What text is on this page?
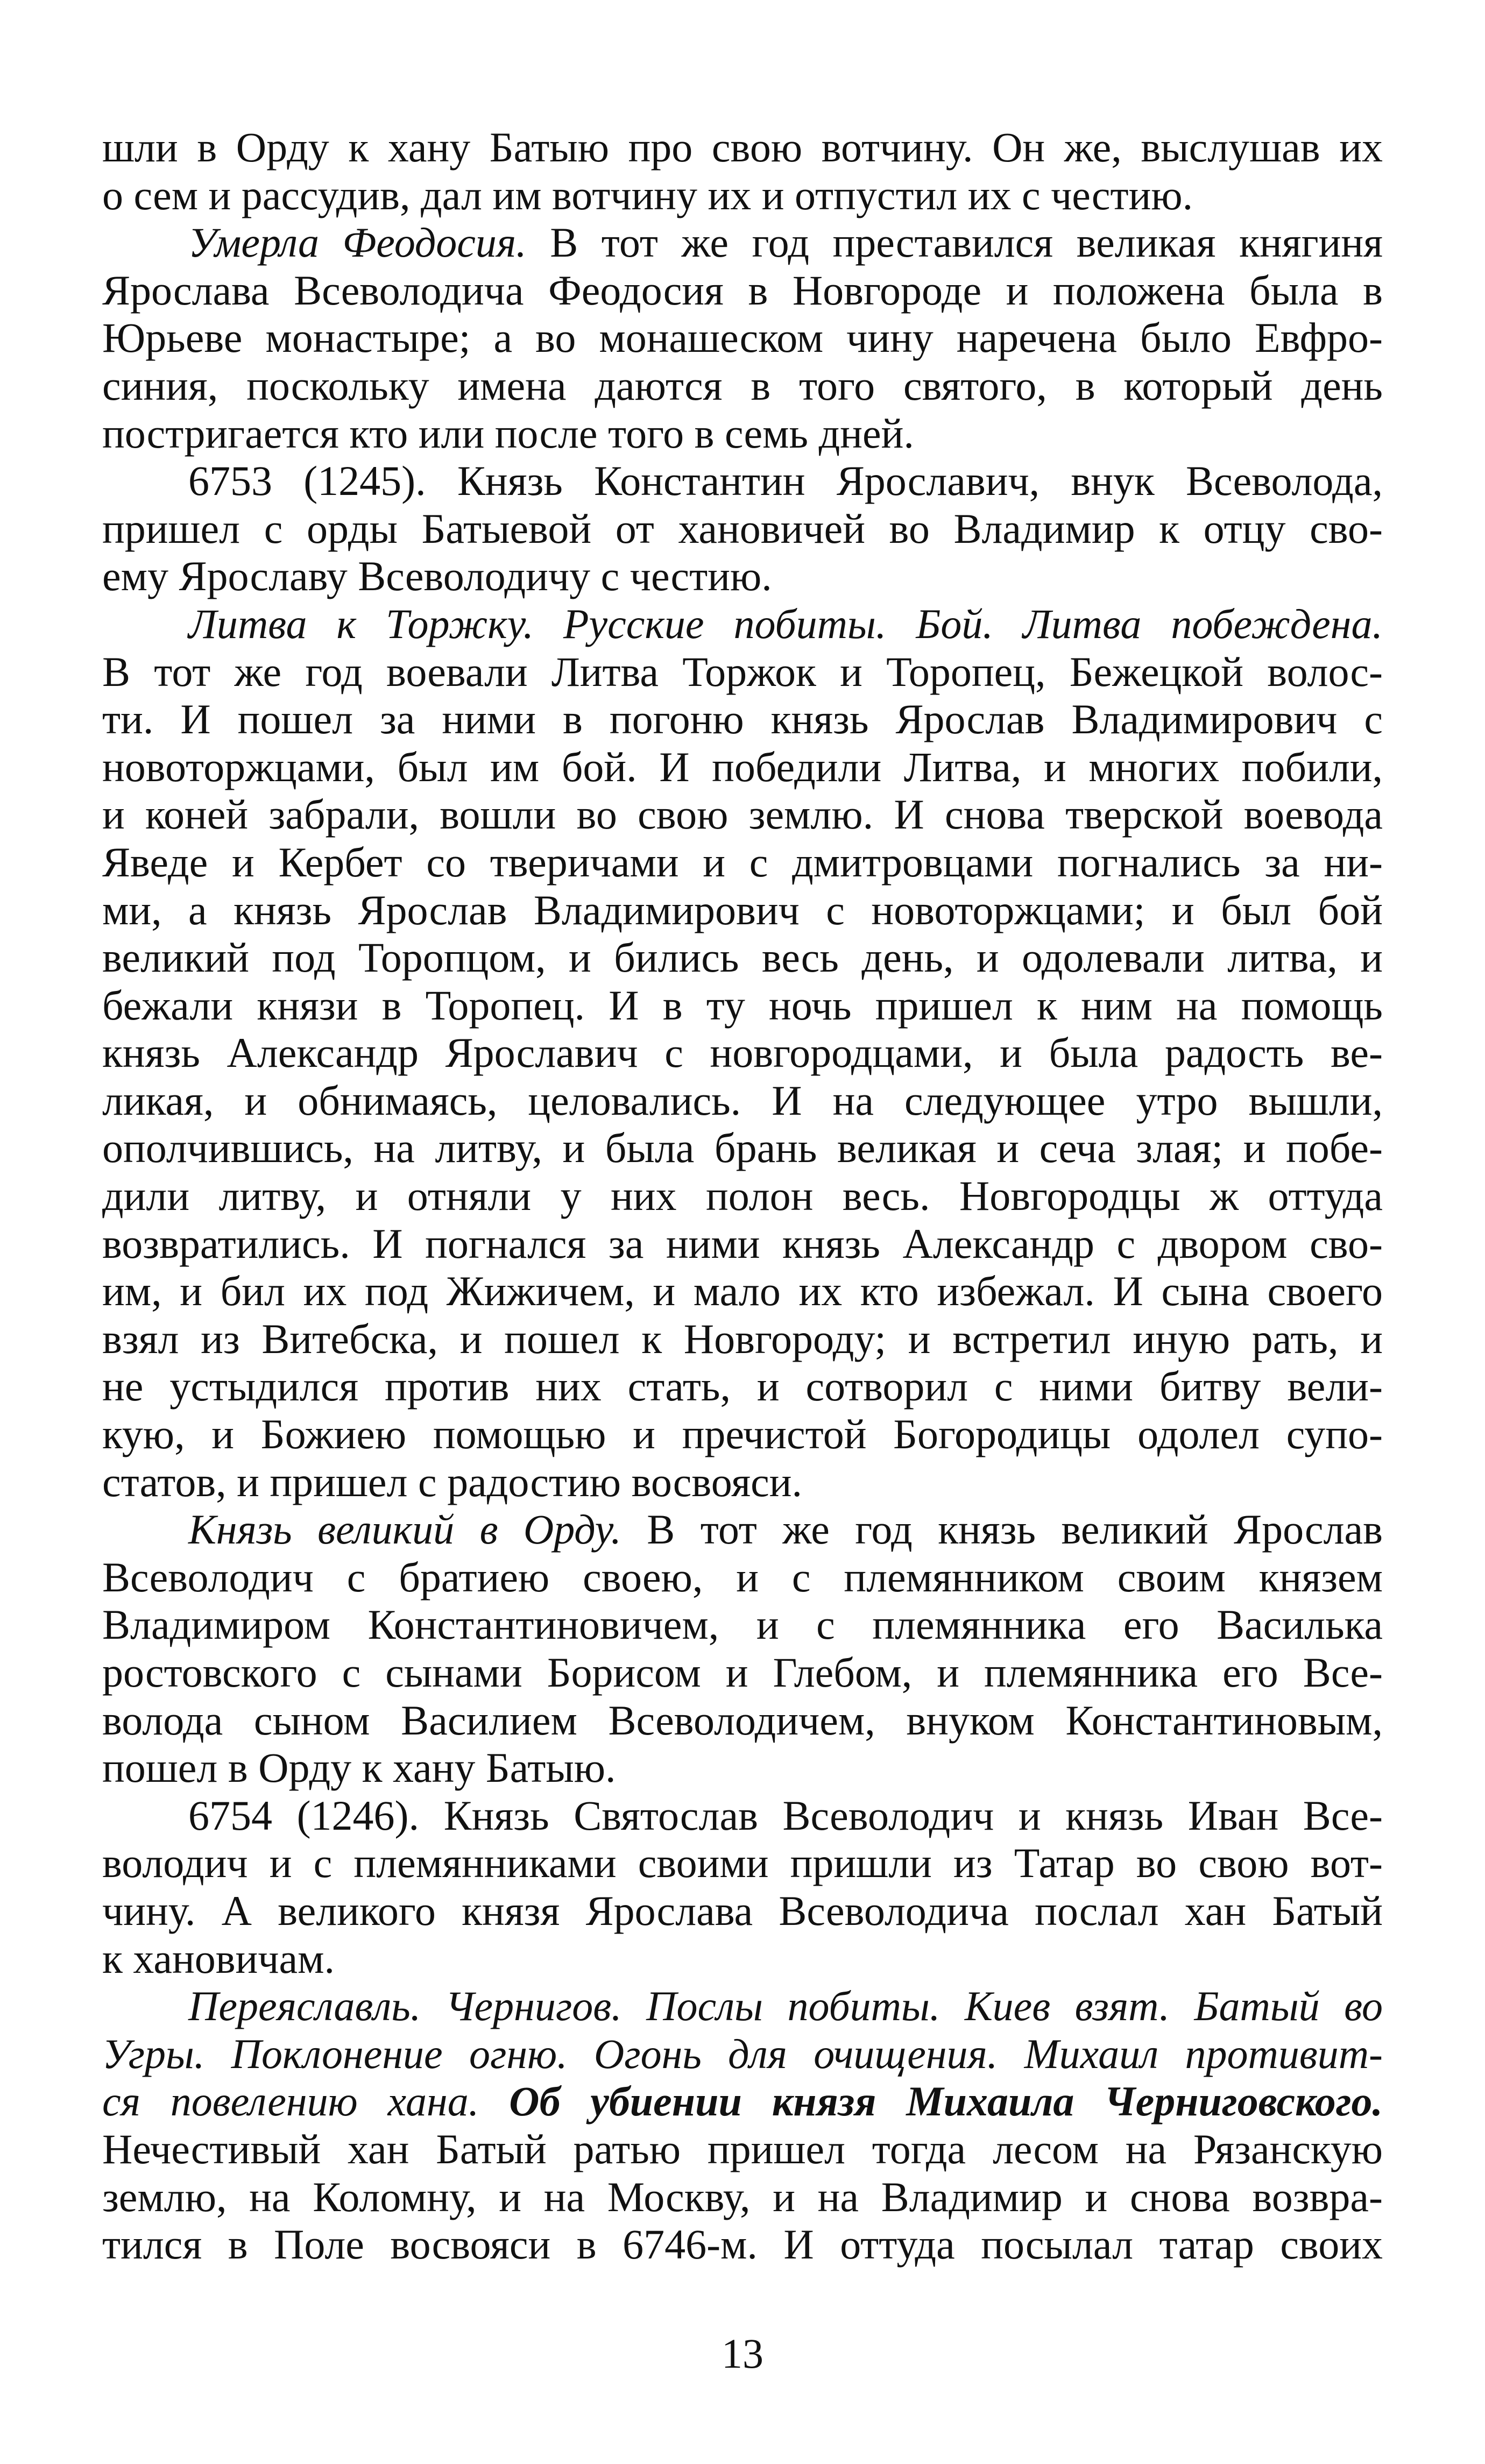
шли в Орду к хану Батыю про свою вотчину. Он же, выслушав их
о сем и рассудив, дал им вотчину их и отпустил их с честию.
Умерла Феодосия. В тот же год преставился великая княгиня
Ярослава Всеволодича Феодосия в Новгороде и положена была в
Юрьеве монастыре; а во монашеском чину наречена было Евфро-
синия, поскольку имена даются в того святого, в который день
постригается кто или после того в семь дней.
6753 (1245). Князь Константин Ярославич, внук Всеволода,
пришел с орды Батыевой от хановичей во Владимир к отцу сво-
ему Ярославу Всеволодичу с честию.
Литва к Торжку. Русские побиты. Бой. Литва побеждена.
В тот же год воевали Литва Торжок и Торопец, Бежецкой волос-
ти. И пошел за ними в погоню князь Ярослав Владимирович с
новоторжцами, был им бой. И победили Литва, и многих побили,
и коней забрали, вошли во свою землю. И снова тверской воевода
Яведе и Кербет со тверичами и с дмитровцами погнались за ни-
ми, а князь Ярослав Владимирович с новоторжцами; и был бой
великий под Торопцом, и бились весь день, и одолевали литва, и
бежали князи в Торопец. И в ту ночь пришел к ним на помощь
князь Александр Ярославич с новгородцами, и была радость ве-
ликая, и обнимаясь, целовались. И на следующее утро вышли,
ополчившись, на литву, и была брань великая и сеча злая; и побе-
дили литву, и отняли у них полон весь. Новгородцы ж оттуда
возвратились. И погнался за ними князь Александр с двором сво-
им, и бил их под Жижичем, и мало их кто избежал. И сына своего
взял из Витебска, и пошел к Новгороду; и встретил иную рать, и
не устыдился против них стать, и сотворил с ними битву вели-
кую, и Божиею помощью и пречистой Богородицы одолел супо-
статов, и пришел с радостию восвояси.
Князь великий в Орду. В тот же год князь великий Ярослав
Всеволодич с братиею своею, и с племянником своим князем
Владимиром Константиновичем, и с племянника его Василька
ростовского с сынами Борисом и Глебом, и племянника его Все-
волода сыном Василием Всеволодичем, внуком Константиновым,
пошел в Орду к хану Батыю.
6754 (1246). Князь Святослав Всеволодич и князь Иван Все-
володич и с племянниками своими пришли из Татар во свою вот-
чину. А великого князя Ярослава Всеволодича послал хан Батый
к хановичам.
Переяславль. Чернигов. Послы побиты. Киев взят. Батый во
Угры. Поклонение огню. Огонь для очищения. Михаил противит-
ся повелению хана. Об убиении князя Михаила Черниговского.
Нечестивый хан Батый ратью пришел тогда лесом на Рязанскую
землю, на Коломну, и на Москву, и на Владимир и снова возвра-
тился в Поле восвояси в 6746-м. И оттуда посылал татар своих
13
